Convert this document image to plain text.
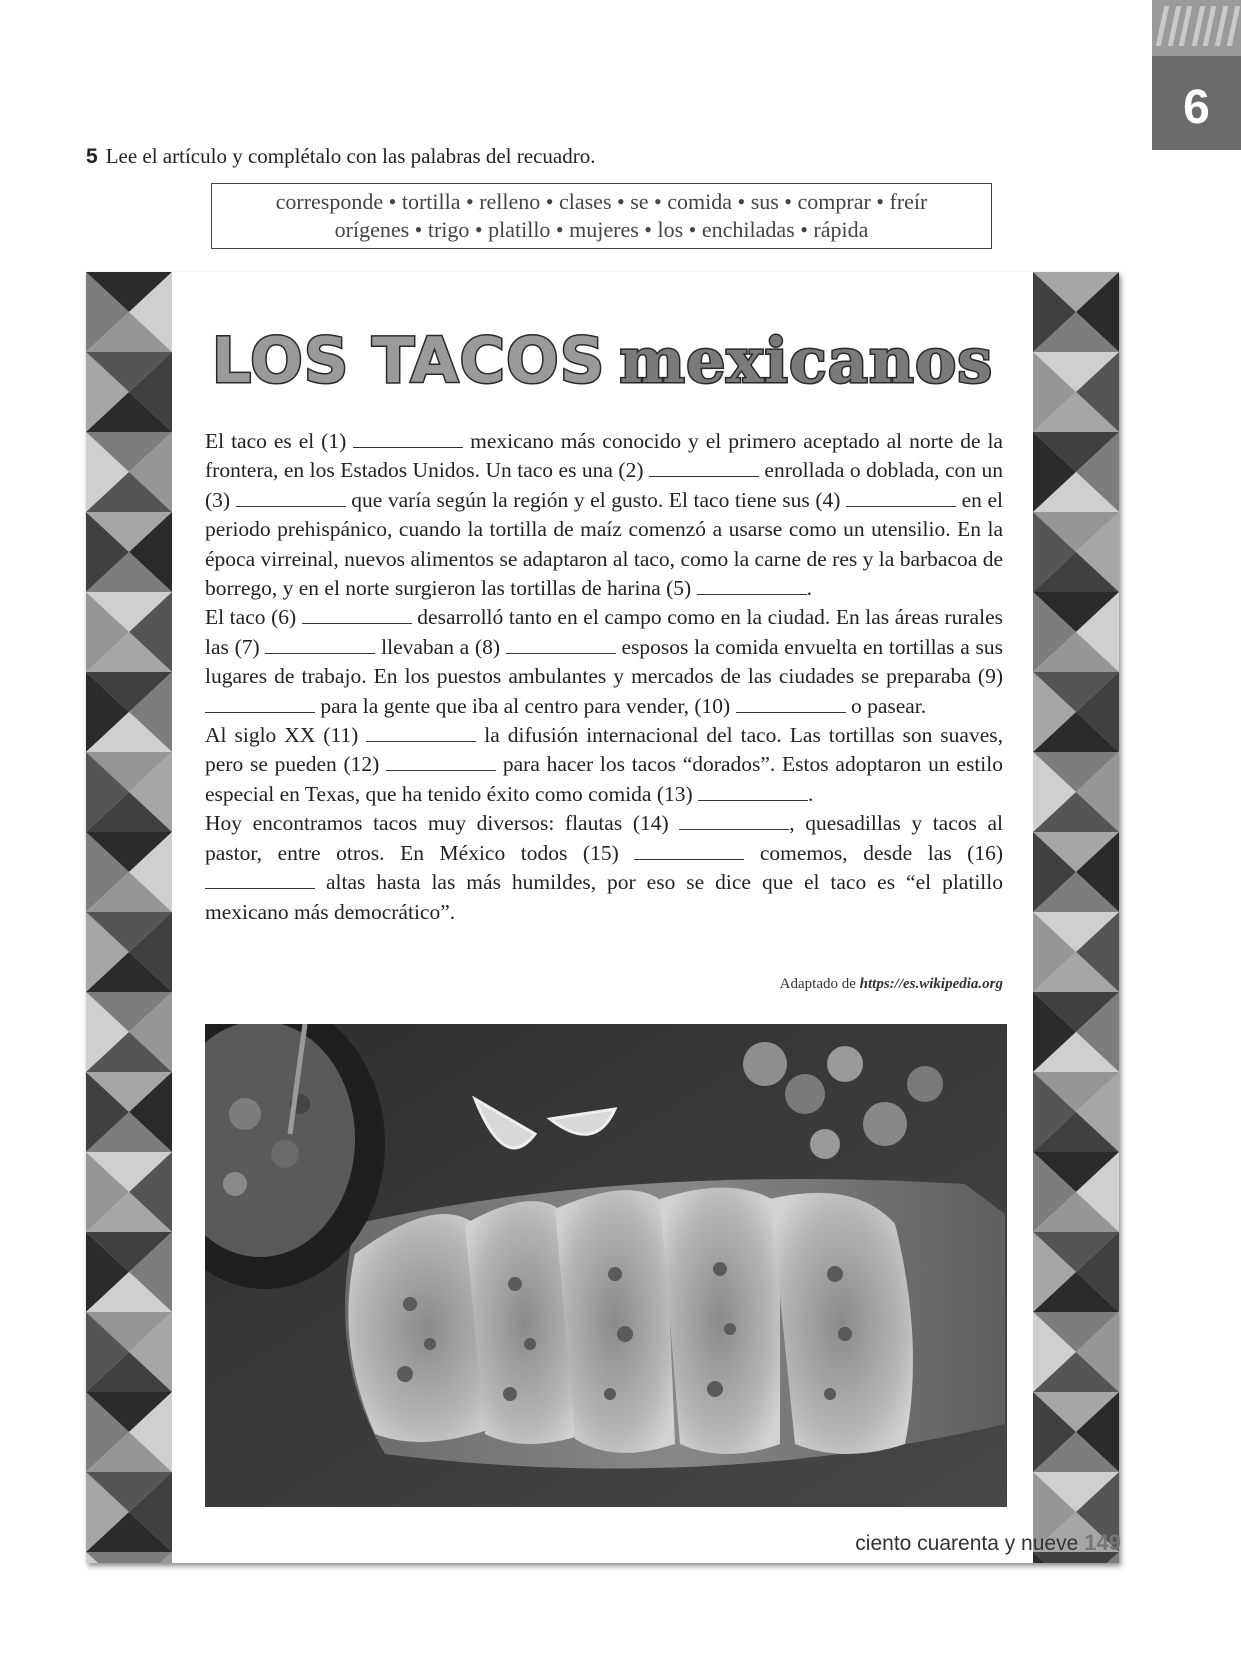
6
5 Lee el artículo y complétalo con las palabras del recuadro.
corresponde • tortilla • relleno • clases • se • comida • sus • comprar • freír
orígenes • trigo • platillo • mujeres • los • enchiladas • rápida
LOS TACOS mexicanos

El taco es el (1)	mexicano más conocido y el primero aceptado al norte de la frontera, en los Estados Unidos. Un taco es una (2)	enrollada o doblada, con un (3)	que varía según la región y el gusto. El taco tiene sus (4)	en el periodo prehispánico, cuando la tortilla de maíz comenzó a usarse como un utensilio. En la época virreinal, nuevos alimentos se adaptaron al taco, como la carne de res y la barbacoa de borrego, y en el norte surgieron las tortillas de harina (5)	.

El taco (6)	desarrolló tanto en el campo como en la ciudad. En las áreas rurales las (7)	llevaban a (8)	esposos la comida envuelta en tortillas a sus lugares de trabajo. En los puestos ambulantes y mercados de las ciudades se preparaba (9)  para la gente que iba al centro para vender, (10)	o pasear.

Al siglo XX (11)	la difusión internacional del taco. Las tortillas son suaves, pero se pueden (12)	para hacer los tacos “dorados”. Estos adoptaron un estilo especial en Texas, que ha tenido éxito como comida (13)	.

Hoy encontramos tacos muy diversos: flautas (14)	, quesadillas y tacos al pastor, entre otros. En México todos (15)	comemos, desde las (16)  altas hasta las más humildes, por eso se dice que el taco es “el platillo mexicano más democrático”.

Adaptado de https://es.wikipedia.org
ciento cuarenta y nueve 149
